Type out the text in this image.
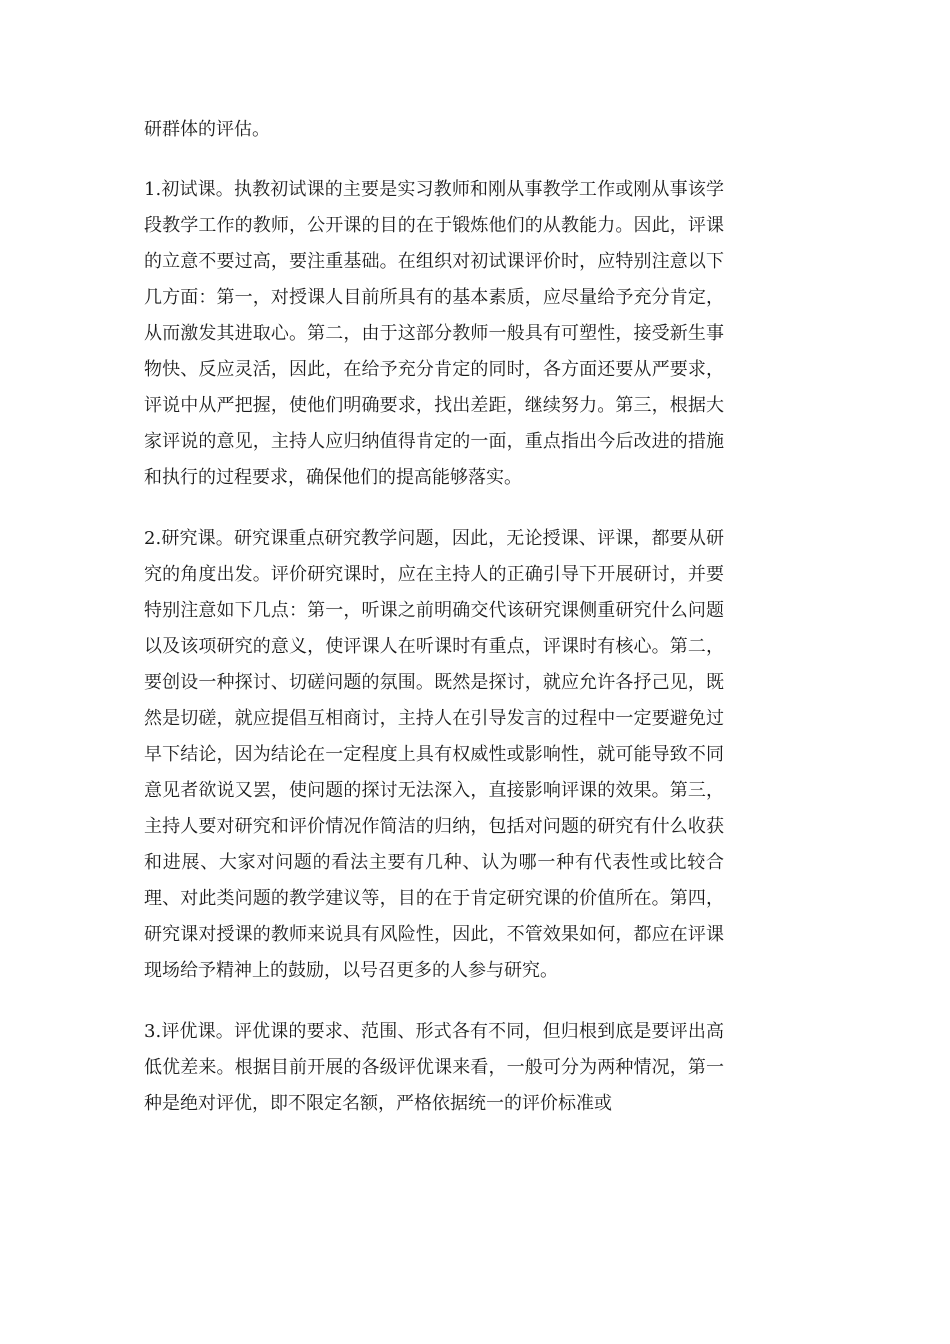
研群体的评估。

1.初试课。执教初试课的主要是实习教师和刚从事教学工作或刚从事该学段教学工作的教师，公开课的目的在于锻炼他们的从教能力。因此，评课的立意不要过高，要注重基础。在组织对初试课评价时，应特别注意以下几方面：第一，对授课人目前所具有的基本素质，应尽量给予充分肯定，从而激发其进取心。第二，由于这部分教师一般具有可塑性，接受新生事物快、反应灵活，因此，在给予充分肯定的同时，各方面还要从严要求，评说中从严把握，使他们明确要求，找出差距，继续努力。第三，根据大家评说的意见，主持人应归纳值得肯定的一面，重点指出今后改进的措施和执行的过程要求，确保他们的提高能够落实。

2.研究课。研究课重点研究教学问题，因此，无论授课、评课，都要从研究的角度出发。评价研究课时，应在主持人的正确引导下开展研讨，并要特别注意如下几点：第一，听课之前明确交代该研究课侧重研究什么问题以及该项研究的意义，使评课人在听课时有重点，评课时有核心。第二，要创设一种探讨、切磋问题的氛围。既然是探讨，就应允许各抒己见，既然是切磋，就应提倡互相商讨，主持人在引导发言的过程中一定要避免过早下结论，因为结论在一定程度上具有权威性或影响性，就可能导致不同意见者欲说又罢，使问题的探讨无法深入，直接影响评课的效果。第三，主持人要对研究和评价情况作简洁的归纳，包括对问题的研究有什么收获和进展、大家对问题的看法主要有几种、认为哪一种有代表性或比较合理、对此类问题的教学建议等，目的在于肯定研究课的价值所在。第四，研究课对授课的教师来说具有风险性，因此，不管效果如何，都应在评课现场给予精神上的鼓励，以号召更多的人参与研究。

3.评优课。评优课的要求、范围、形式各有不同，但归根到底是要评出高低优差来。根据目前开展的各级评优课来看，一般可分为两种情况，第一种是绝对评优，即不限定名额，严格依据统一的评价标准或
